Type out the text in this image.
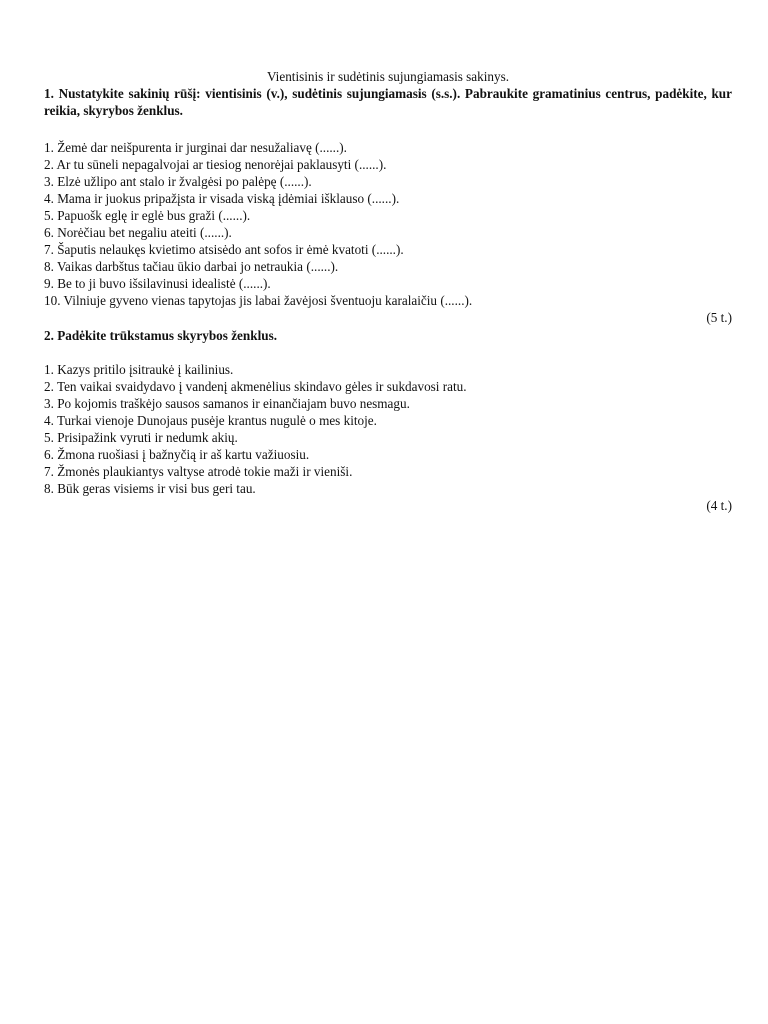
Vientisinis ir sudėtinis sujungiamasis sakinys.

1. Nustatykite sakinių rūšį: vientisinis (v.), sudėtinis sujungiamasis (s.s.). Pabraukite gramatinius centrus, padėkite, kur reikia, skyrybos ženklus.

1. Žemė dar neišpurenta ir jurginai dar nesužaliavę (......).
2. Ar tu sūneli nepagalvojai ar tiesiog nenorėjai paklausyti (......).
3. Elzė užlipo ant stalo ir žvalgėsi po palėpę (......).
4. Mama ir juokus pripažįsta ir visada viską įdėmiai išklauso (......).
5. Papuošk eglę ir eglė bus graži (......).
6. Norėčiau bet negaliu ateiti (......).
7. Šaputis nelaukęs kvietimo atsisėdo ant sofos ir ėmė kvatoti (......).
8. Vaikas darbštus tačiau ūkio darbai jo netraukia (......).
9. Be to ji buvo išsilavinusi idealistė (......).
10. Vilniuje gyveno vienas tapytojas jis labai žavėjosi šventuoju karalaičiu (......).

(5 t.)

2. Padėkite trūkstamus skyrybos ženklus.

1. Kazys pritilo įsitraukė į kailinius.
2. Ten vaikai svaidydavo į vandenį akmenėlius skindavo gėles ir sukdavosi ratu.
3. Po kojomis traškėjo sausos samanos ir einančiajam buvo nesmagu.
4. Turkai vienoje Dunojaus pusėje krantus nugulė o mes kitoje.
5. Prisipažink vyruti ir nedumk akių.
6. Žmona ruošiasi į bažnyčią ir aš kartu važiuosiu.
7. Žmonės plaukiantys valtyse atrodė tokie maži ir vieniši.
8. Būk geras visiems ir visi bus geri tau.

(4 t.)
